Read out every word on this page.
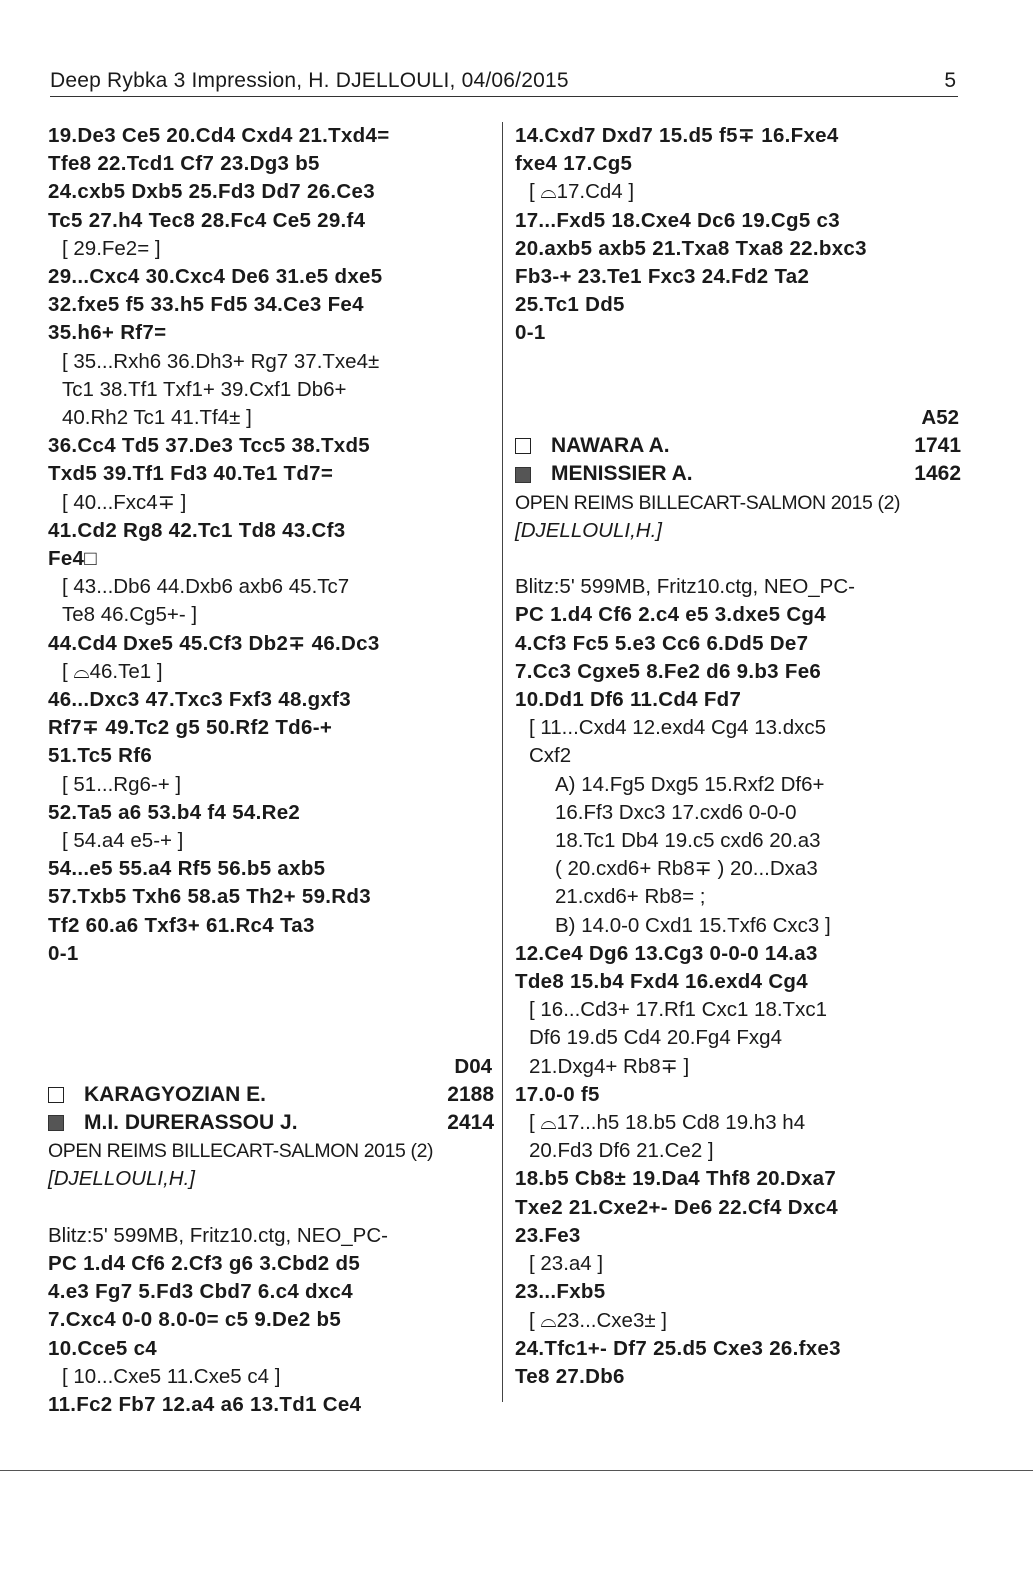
Deep Rybka 3 Impression, H. DJELLOULI, 04/06/2015	5
19.De3 Ce5 20.Cd4 Cxd4 21.Txd4=
Tfe8 22.Tcd1 Cf7 23.Dg3 b5
24.cxb5 Dxb5 25.Fd3 Dd7 26.Ce3
Tc5 27.h4 Tec8 28.Fc4 Ce5 29.f4
[ 29.Fe2= ]
29...Cxc4 30.Cxc4 De6 31.e5 dxe5
32.fxe5 f5 33.h5 Fd5 34.Ce3 Fe4
35.h6+ Rf7=
[ 35...Rxh6 36.Dh3+ Rg7 37.Txe4±
Tc1 38.Tf1 Txf1+ 39.Cxf1 Db6+
40.Rh2 Tc1 41.Tf4± ]
36.Cc4 Td5 37.De3 Tcc5 38.Txd5
Txd5 39.Tf1 Fd3 40.Te1 Td7=
[ 40...Fxc4∓ ]
41.Cd2 Rg8 42.Tc1 Td8 43.Cf3
Fe4□
[ 43...Db6 44.Dxb6 axb6 45.Tc7
Te8 46.Cg5+- ]
44.Cd4 Dxe5 45.Cf3 Db2∓ 46.Dc3
[ ⌓46.Te1 ]
46...Dxc3 47.Txc3 Fxf3 48.gxf3
Rf7∓ 49.Tc2 g5 50.Rf2 Td6-+
51.Tc5 Rf6
[ 51...Rg6-+ ]
52.Ta5 a6 53.b4 f4 54.Re2
[ 54.a4 e5-+ ]
54...e5 55.a4 Rf5 56.b5 axb5
57.Txb5 Txh6 58.a5 Th2+ 59.Rd3
Tf2 60.a6 Txf3+ 61.Rc4 Ta3
0-1
D04
KARAGYOZIAN E.	2188
M.I. DURERASSOU J.	2414
OPEN REIMS BILLECART-SALMON 2015 (2)
[DJELLOULI,H.]
Blitz:5' 599MB, Fritz10.ctg, NEO_PC-
PC 1.d4 Cf6 2.Cf3 g6 3.Cbd2 d5
4.e3 Fg7 5.Fd3 Cbd7 6.c4 dxc4
7.Cxc4 0-0 8.0-0= c5 9.De2 b5
10.Cce5 c4
[ 10...Cxe5 11.Cxe5 c4 ]
11.Fc2 Fb7 12.a4 a6 13.Td1 Ce4
14.Cxd7 Dxd7 15.d5 f5∓ 16.Fxe4
fxe4 17.Cg5
[ ⌓17.Cd4 ]
17...Fxd5 18.Cxe4 Dc6 19.Cg5 c3
20.axb5 axb5 21.Txa8 Txa8 22.bxc3
Fb3-+ 23.Te1 Fxc3 24.Fd2 Ta2
25.Tc1 Dd5
0-1
A52
NAWARA A.	1741
MENISSIER A.	1462
OPEN REIMS BILLECART-SALMON 2015 (2)
[DJELLOULI,H.]
Blitz:5' 599MB, Fritz10.ctg, NEO_PC-
PC 1.d4 Cf6 2.c4 e5 3.dxe5 Cg4
4.Cf3 Fc5 5.e3 Cc6 6.Dd5 De7
7.Cc3 Cgxe5 8.Fe2 d6 9.b3 Fe6
10.Dd1 Df6 11.Cd4 Fd7
[ 11...Cxd4 12.exd4 Cg4 13.dxc5
Cxf2
A) 14.Fg5 Dxg5 15.Rxf2 Df6+
16.Ff3 Dxc3 17.cxd6 0-0-0
18.Tc1 Db4 19.c5 cxd6 20.a3
( 20.cxd6+ Rb8∓ ) 20...Dxa3
21.cxd6+ Rb8= ;
B) 14.0-0 Cxd1 15.Txf6 Cxc3 ]
12.Ce4 Dg6 13.Cg3 0-0-0 14.a3
Tde8 15.b4 Fxd4 16.exd4 Cg4
[ 16...Cd3+ 17.Rf1 Cxc1 18.Txc1
Df6 19.d5 Cd4 20.Fg4 Fxg4
21.Dxg4+ Rb8∓ ]
17.0-0 f5
[ ⌓17...h5 18.b5 Cd8 19.h3 h4
20.Fd3 Df6 21.Ce2 ]
18.b5 Cb8± 19.Da4 Thf8 20.Dxa7
Txe2 21.Cxe2+- De6 22.Cf4 Dxc4
23.Fe3
[ 23.a4 ]
23...Fxb5
[ ⌓23...Cxe3± ]
24.Tfc1+- Df7 25.d5 Cxe3 26.fxe3
Te8 27.Db6
